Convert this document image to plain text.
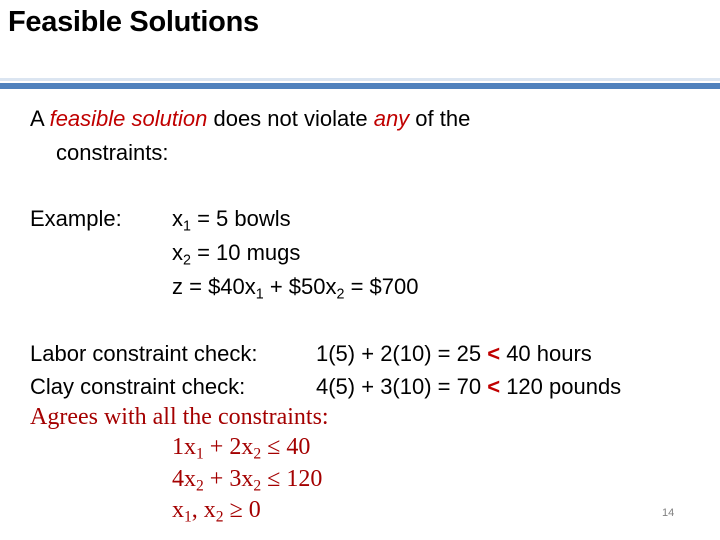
Feasible Solutions
A feasible solution does not violate any of the
constraints:
Example: $x_1 = 5$ bowls
$x_2 = 10$ mugs
$z = \$40x_1$ + $\$50x_2$ = $700
Labor constraint check:	1(5) + 2(10) = 25 < 40 hours
Clay constraint check:	4(5) + 3(10) = 70 < 120 pounds
Agrees with all the constraints:
$1x_1 + 2x_2 \le 40$
$4x_2 + 3x_2 \le 120$
$x_1$, $x_2 \ge 0$	14
